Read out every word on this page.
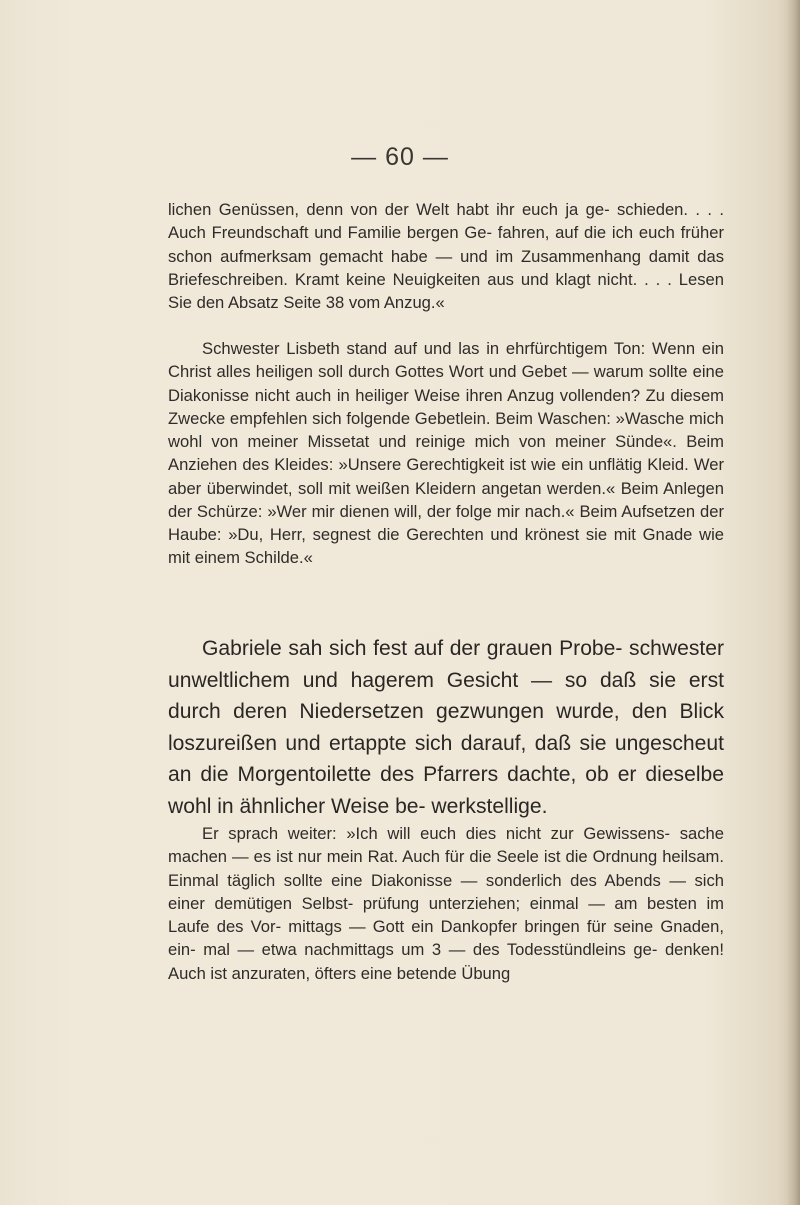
— 60 —

lichen Genüssen, denn von der Welt habt ihr euch ja ge- schieden. . . . Auch Freundschaft und Familie bergen Ge- fahren, auf die ich euch früher schon aufmerksam gemacht habe — und im Zusammenhang damit das Briefeschreiben. Kramt keine Neuigkeiten aus und klagt nicht. . . . Lesen Sie den Absatz Seite 38 vom Anzug.«

Schwester Lisbeth stand auf und las in ehrfürchtigem Ton: Wenn ein Christ alles heiligen soll durch Gottes Wort und Gebet — warum sollte eine Diakonisse nicht auch in heiliger Weise ihren Anzug vollenden? Zu diesem Zwecke empfehlen sich folgende Gebetlein. Beim Waschen: »Wasche mich wohl von meiner Missetat und reinige mich von meiner Sünde«. Beim Anziehen des Kleides: »Unsere Gerechtigkeit ist wie ein unflätig Kleid. Wer aber überwindet, soll mit weißen Kleidern angetan werden.« Beim Anlegen der Schürze: »Wer mir dienen will, der folge mir nach.« Beim Aufsetzen der Haube: »Du, Herr, segnest die Gerechten und krönest sie mit Gnade wie mit einem Schilde.«

Gabriele sah sich fest auf der grauen Probe- schwester unweltlichem und hagerem Gesicht — so daß sie erst durch deren Niedersetzen gezwungen wurde, den Blick loszureißen und ertappte sich darauf, daß sie ungescheut an die Morgentoilette des Pfarrers dachte, ob er dieselbe wohl in ähnlicher Weise be- werkstellige.

Er sprach weiter: »Ich will euch dies nicht zur Gewissens- sache machen — es ist nur mein Rat. Auch für die Seele ist die Ordnung heilsam. Einmal täglich sollte eine Diakonisse — sonderlich des Abends — sich einer demütigen Selbst- prüfung unterziehen; einmal — am besten im Laufe des Vor- mittags — Gott ein Dankopfer bringen für seine Gnaden, ein- mal — etwa nachmittags um 3 — des Todesstündleins ge- denken! Auch ist anzuraten, öfters eine betende Übung
